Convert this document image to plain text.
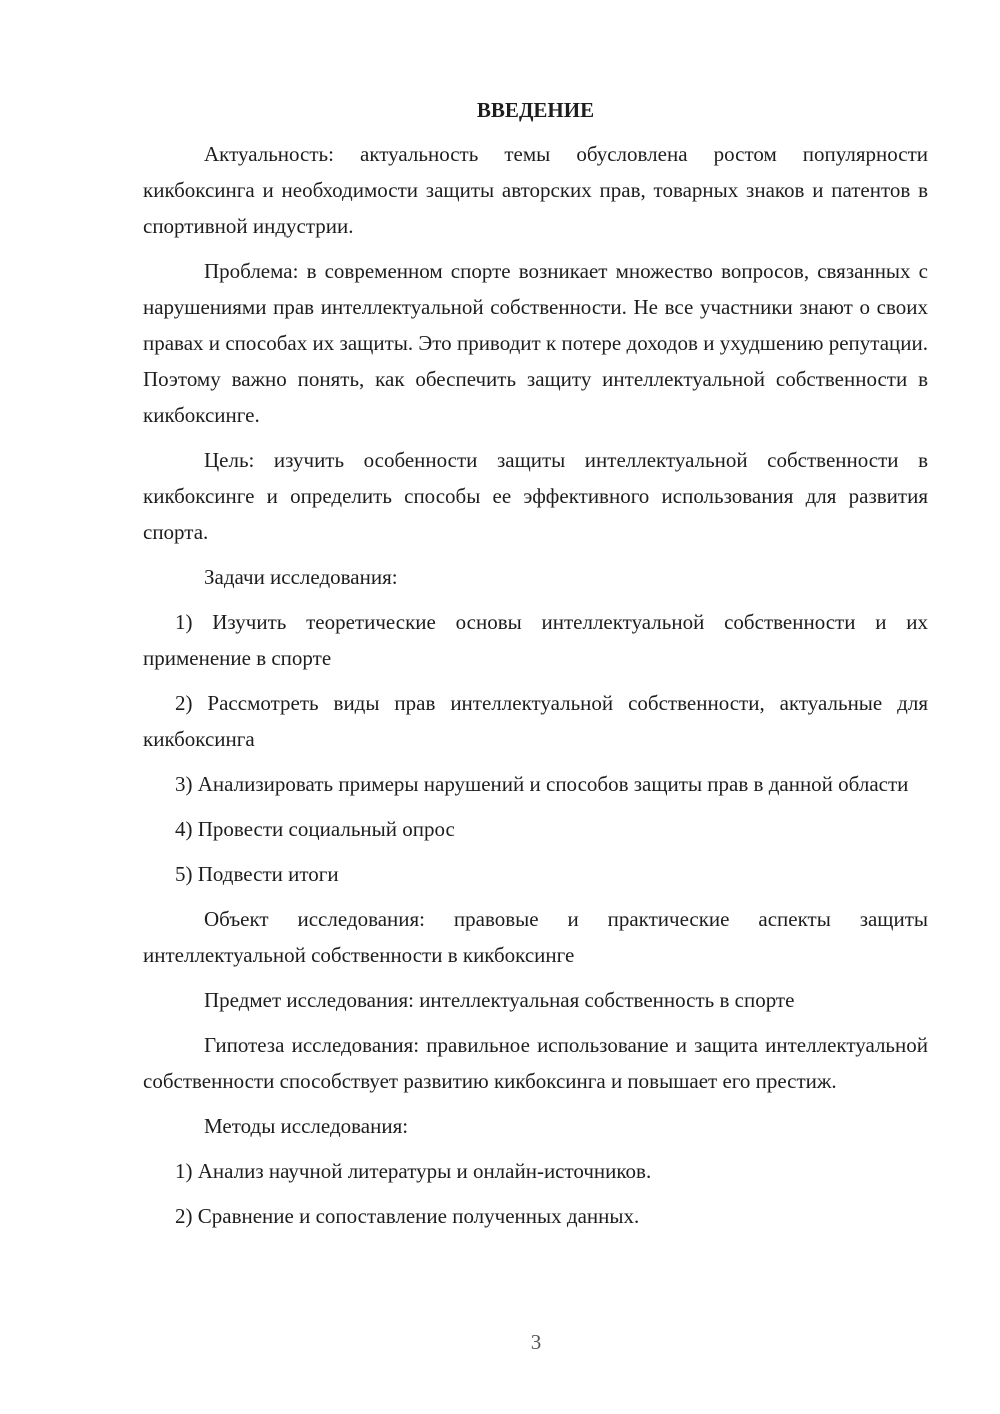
ВВЕДЕНИЕ

Актуальность: актуальность темы обусловлена ростом популярности кикбоксинга и необходимости защиты авторских прав, товарных знаков и патентов в спортивной индустрии.

Проблема: в современном спорте возникает множество вопросов, связанных с нарушениями прав интеллектуальной собственности. Не все участники знают о своих правах и способах их защиты. Это приводит к потере доходов и ухудшению репутации. Поэтому важно понять, как обеспечить защиту интеллектуальной собственности в кикбоксинге.

Цель: изучить особенности защиты интеллектуальной собственности в кикбоксинге и определить способы ее эффективного использования для развития спорта.

Задачи исследования:

1) Изучить теоретические основы интеллектуальной собственности и их применение в спорте

2) Рассмотреть виды прав интеллектуальной собственности, актуальные для кикбоксинга

3) Анализировать примеры нарушений и способов защиты прав в данной области

4) Провести социальный опрос

5) Подвести итоги

Объект исследования: правовые и практические аспекты защиты интеллектуальной собственности в кикбоксинге

Предмет исследования: интеллектуальная собственность в спорте

Гипотеза исследования: правильное использование и защита интеллектуальной собственности способствует развитию кикбоксинга и повышает его престиж.

Методы исследования:

1) Анализ научной литературы и онлайн-источников.

2) Сравнение и сопоставление полученных данных.

3
